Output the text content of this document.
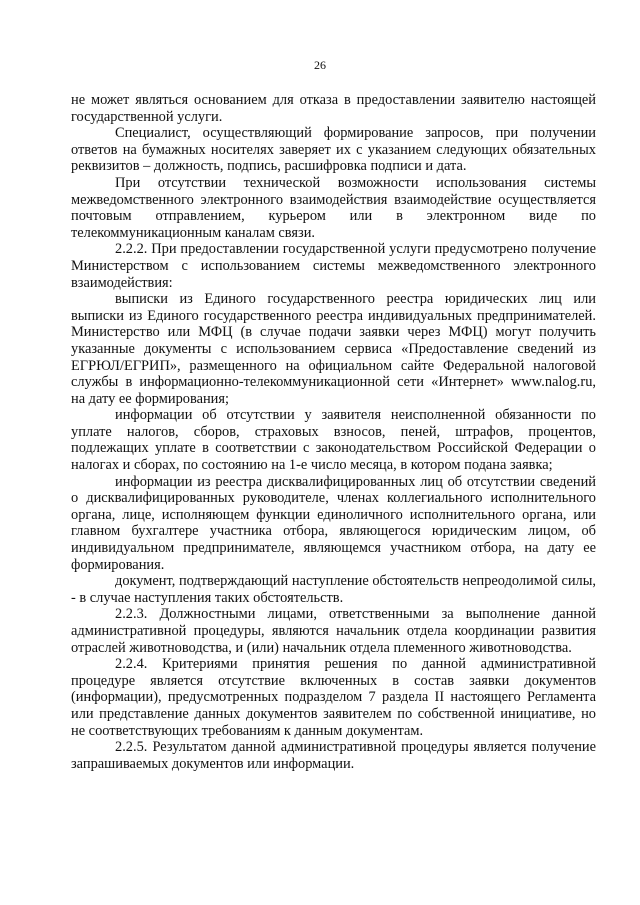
26

не может являться основанием для отказа в предоставлении заявителю настоящей государственной услуги.

Специалист, осуществляющий формирование запросов, при получении ответов на бумажных носителях заверяет их с указанием следующих обязательных реквизитов – должность, подпись, расшифровка подписи и дата.

При отсутствии технической возможности использования системы межведомственного электронного взаимодействия взаимодействие осуществляется почтовым отправлением, курьером или в электронном виде по телекоммуникационным каналам связи.

2.2.2. При предоставлении государственной услуги предусмотрено получение Министерством с использованием системы межведомственного электронного взаимодействия:

выписки из Единого государственного реестра юридических лиц или выписки из Единого государственного реестра индивидуальных предпринимателей. Министерство или МФЦ (в случае подачи заявки через МФЦ) могут получить указанные документы с использованием сервиса «Предоставление сведений из ЕГРЮЛ/ЕГРИП», размещенного на официальном сайте Федеральной налоговой службы в информационно-телекоммуникационной сети «Интернет» www.nalog.ru, на дату ее формирования;

информации об отсутствии у заявителя неисполненной обязанности по уплате налогов, сборов, страховых взносов, пеней, штрафов, процентов, подлежащих уплате в соответствии с законодательством Российской Федерации о налогах и сборах, по состоянию на 1-е число месяца, в котором подана заявка;

информации из реестра дисквалифицированных лиц об отсутствии сведений о дисквалифицированных руководителе, членах коллегиального исполнительного органа, лице, исполняющем функции единоличного исполнительного органа, или главном бухгалтере участника отбора, являющегося юридическим лицом, об индивидуальном предпринимателе, являющемся участником отбора, на дату ее формирования.

документ, подтверждающий наступление обстоятельств непреодолимой силы, - в случае наступления таких обстоятельств.

2.2.3. Должностными лицами, ответственными за выполнение данной административной процедуры, являются начальник отдела координации развития отраслей животноводства, и (или) начальник отдела племенного животноводства.

2.2.4. Критериями принятия решения по данной административной процедуре является отсутствие включенных в состав заявки документов (информации), предусмотренных подразделом 7 раздела II настоящего Регламента или представление данных документов заявителем по собственной инициативе, но не соответствующих требованиям к данным документам.

2.2.5. Результатом данной административной процедуры является получение запрашиваемых документов или информации.
